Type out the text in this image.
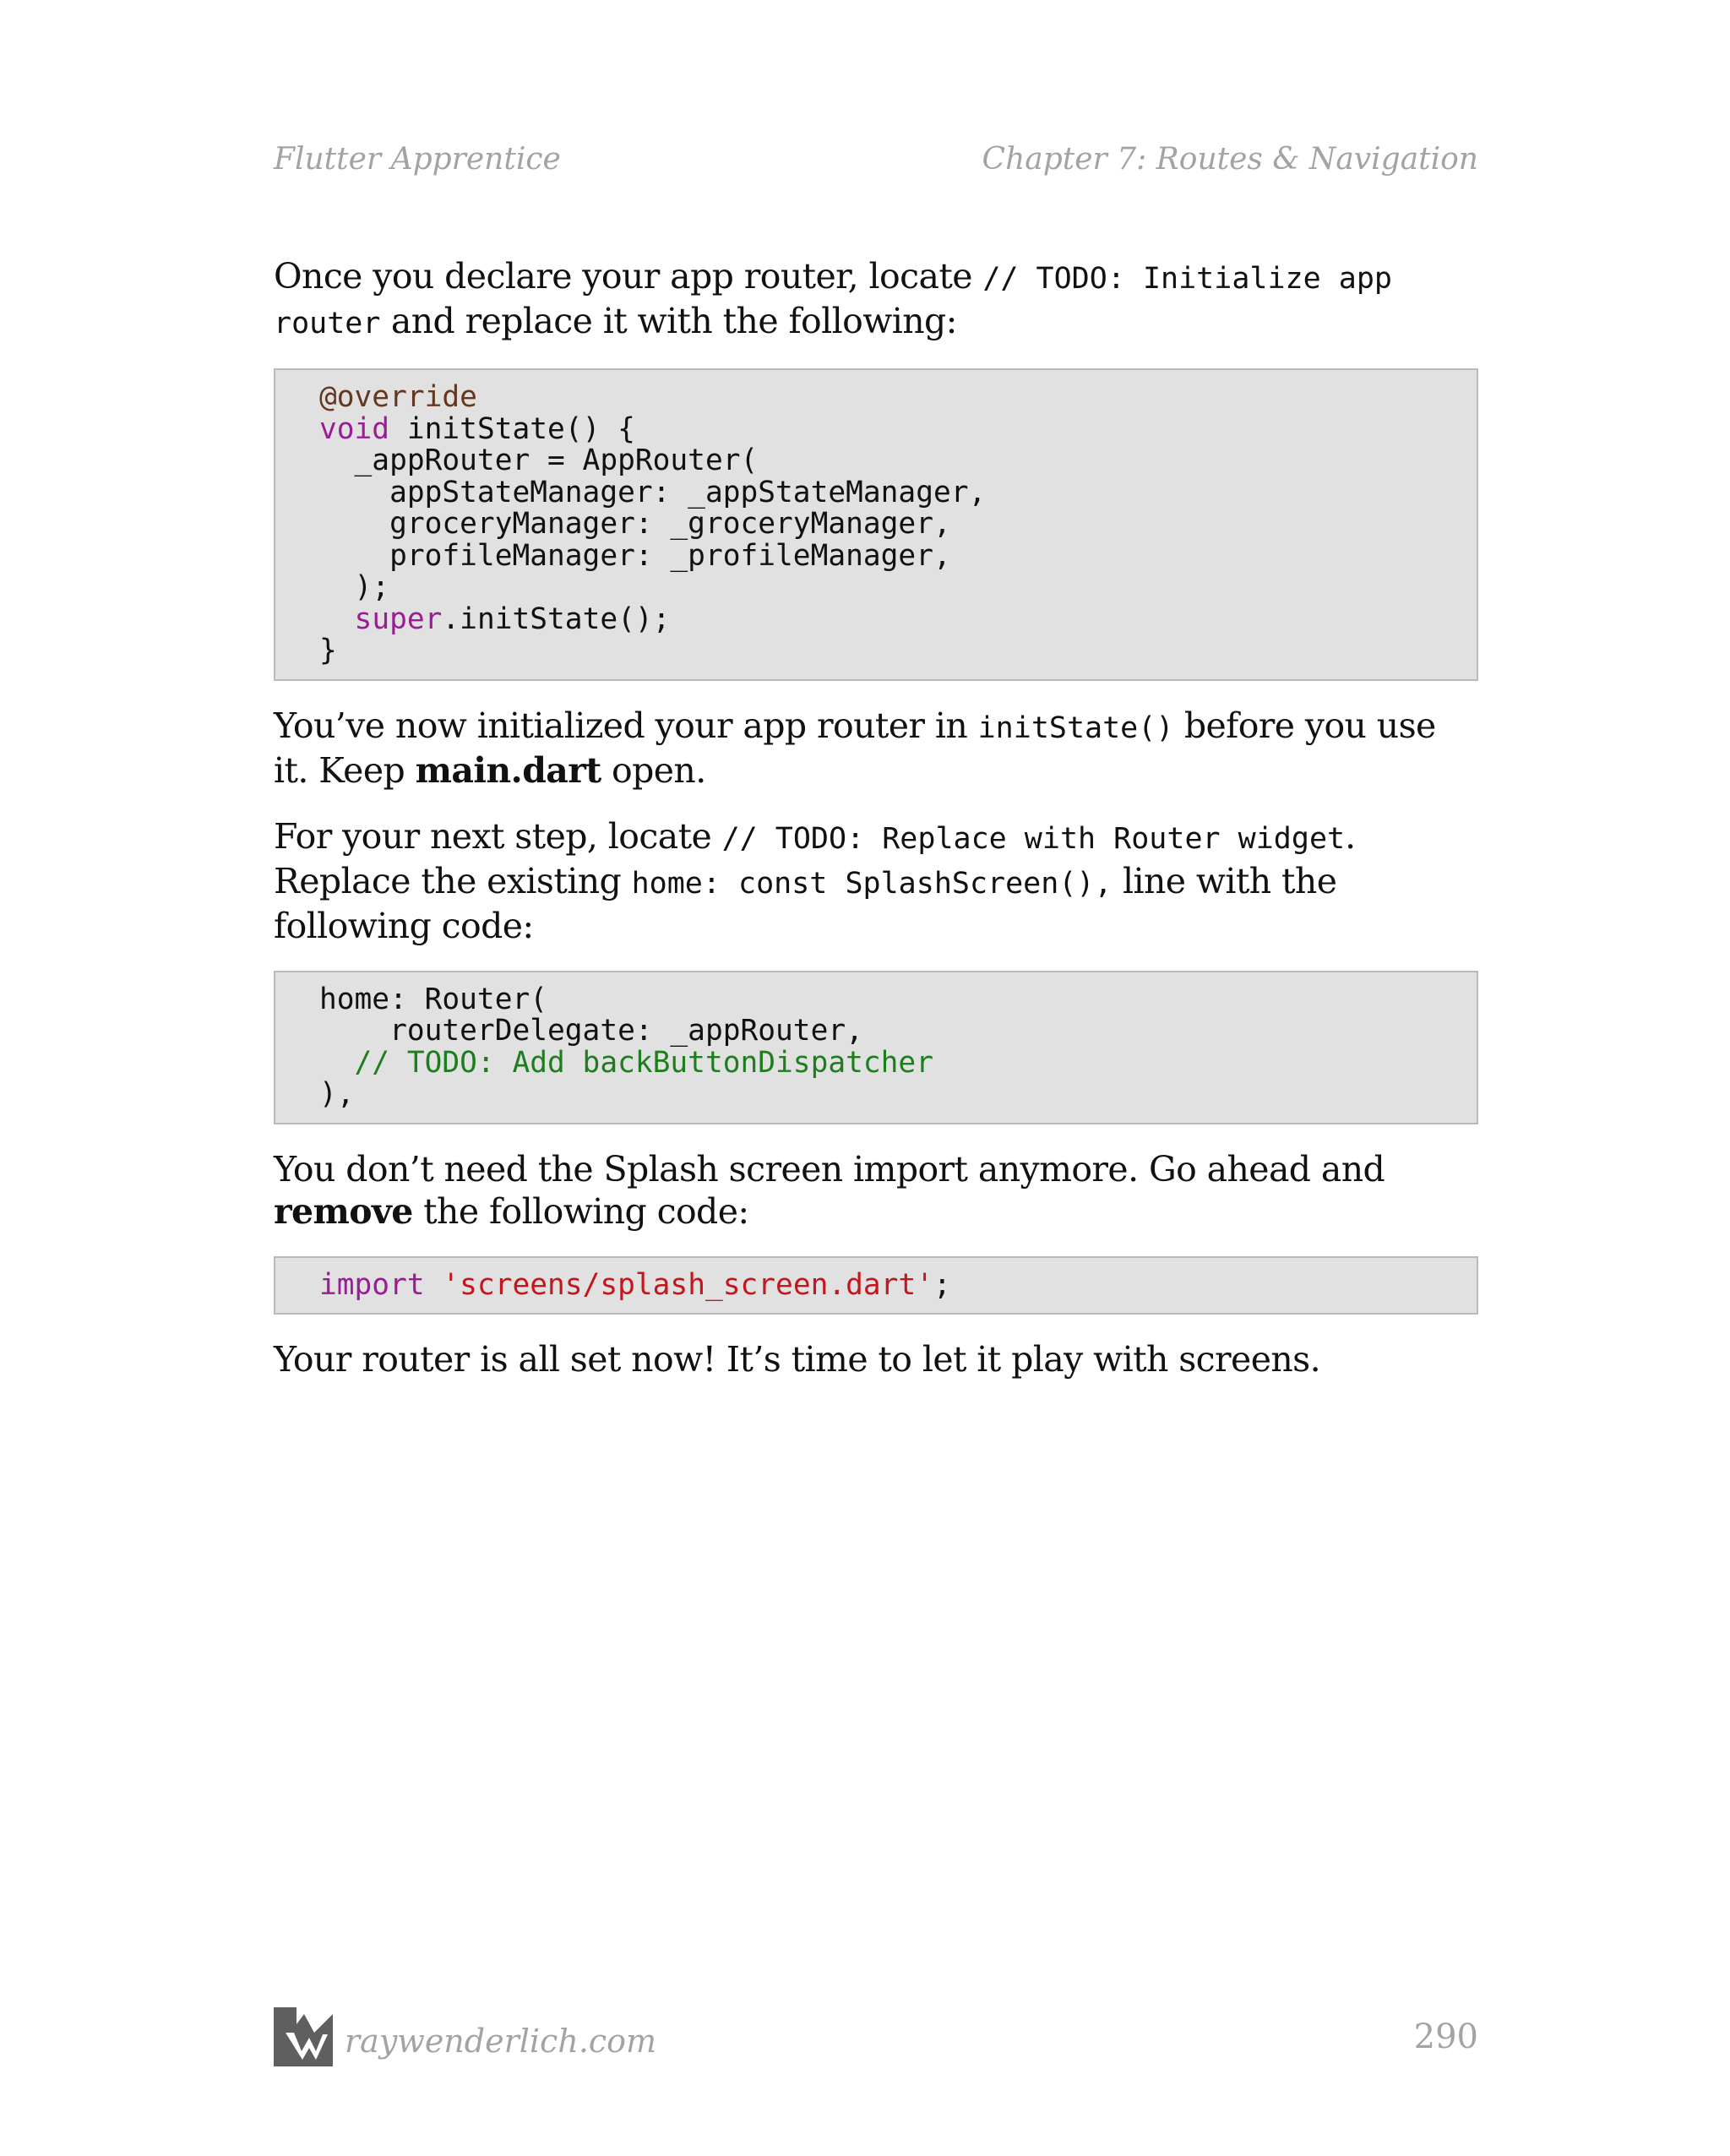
Flutter Apprentice	Chapter 7: Routes & Navigation

Once you declare your app router, locate // TODO: Initialize app router and replace it with the following:

@override
void initState() {
_appRouter = AppRouter(
appStateManager: _appStateManager,
groceryManager: _groceryManager,
profileManager: _profileManager,
);
super.initState();
}

You’ve now initialized your app router in initState() before you use it. Keep main.dart open.

For your next step, locate // TODO: Replace with Router widget. Replace the existing home: const SplashScreen(), line with the following code:

home: Router(
routerDelegate: _appRouter,
// TODO: Add backButtonDispatcher
),

You don’t need the Splash screen import anymore. Go ahead and remove the following code:

import 'screens/splash_screen.dart';

Your router is all set now! It’s time to let it play with screens.

raywenderlich.com	290
